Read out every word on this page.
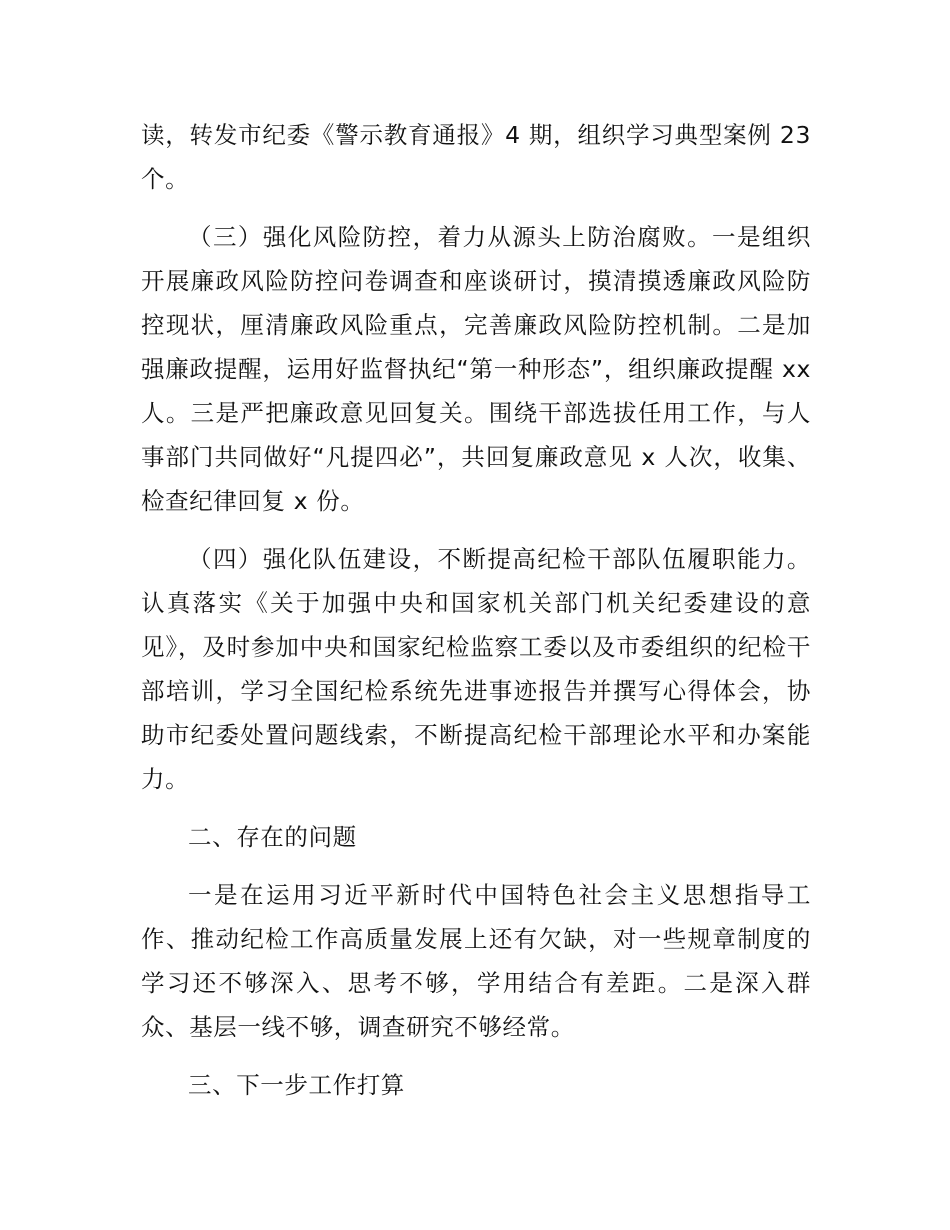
读，转发市纪委《警示教育通报》4 期，组织学习典型案例 23 个。

（三）强化风险防控，着力从源头上防治腐败。一是组织开展廉政风险防控问卷调查和座谈研讨，摸清摸透廉政风险防控现状，厘清廉政风险重点，完善廉政风险防控机制。二是加强廉政提醒，运用好监督执纪“第一种形态”，组织廉政提醒 xx 人。三是严把廉政意见回复关。围绕干部选拔任用工作，与人事部门共同做好“凡提四必”，共回复廉政意见 x 人次，收集、检查纪律回复 x 份。

（四）强化队伍建设，不断提高纪检干部队伍履职能力。认真落实《关于加强中央和国家机关部门机关纪委建设的意见》，及时参加中央和国家纪检监察工委以及市委组织的纪检干部培训，学习全国纪检系统先进事迹报告并撰写心得体会，协助市纪委处置问题线索，不断提高纪检干部理论水平和办案能力。

二、存在的问题

一是在运用习近平新时代中国特色社会主义思想指导工作、推动纪检工作高质量发展上还有欠缺，对一些规章制度的学习还不够深入、思考不够，学用结合有差距。二是深入群众、基层一线不够，调查研究不够经常。

三、下一步工作打算
